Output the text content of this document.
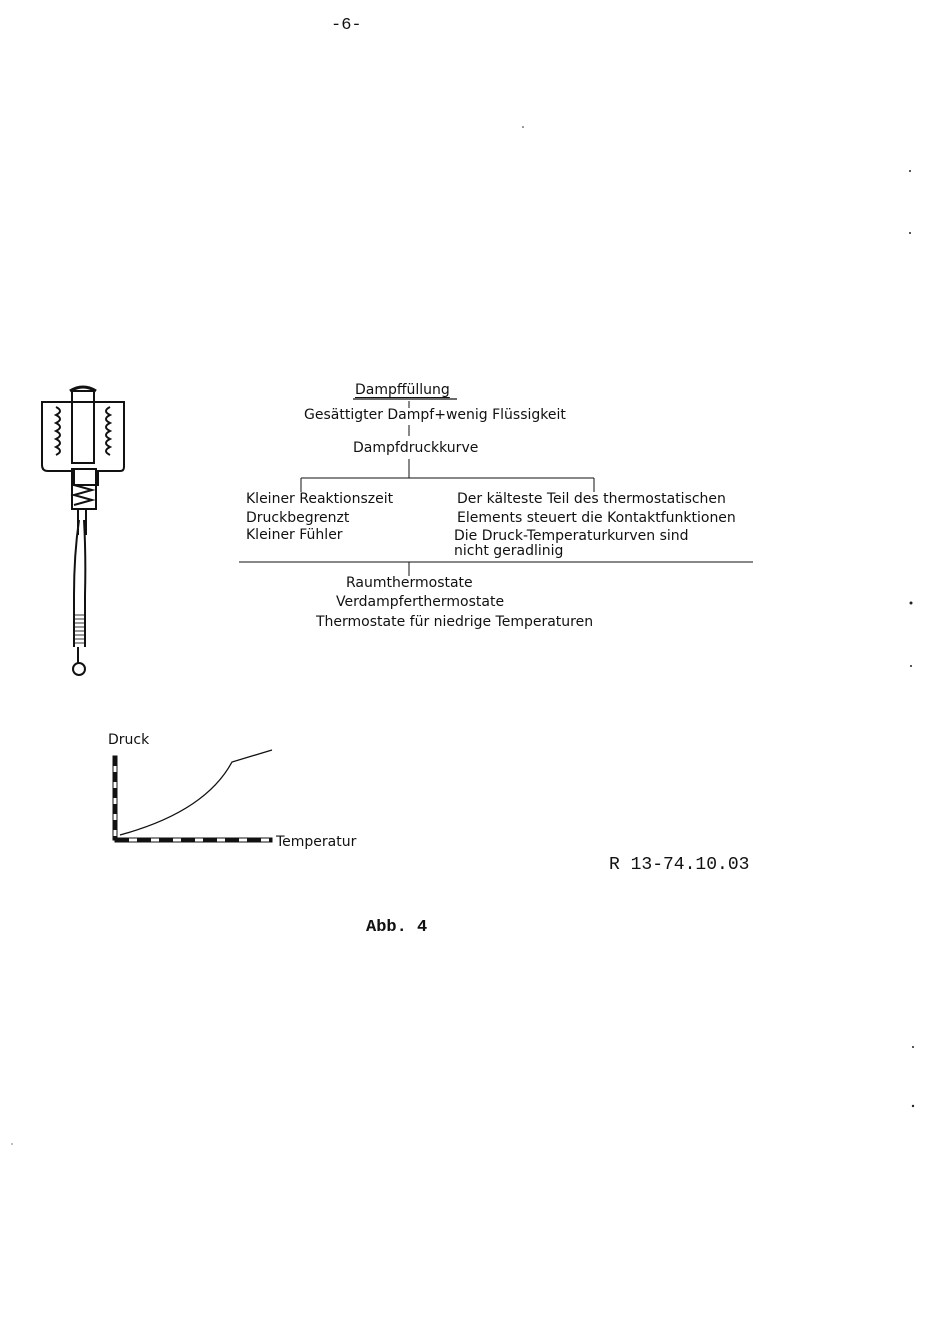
-6-
Dampffüllung
Gesättigter Dampf+wenig Flüssigkeit
Dampfdruckkurve
Kleiner Reaktionszeit
Druckbegrenzt
Kleiner Fühler
Der kälteste Teil des thermostatischen
Elements steuert die Kontaktfunktionen
Die Druck-Temperaturkurven sind
nicht geradlinig
Raumthermostate
Verdampferthermostate
Thermostate für niedrige Temperaturen
Druck
Temperatur
R 13-74.10.03
Abb. 4
